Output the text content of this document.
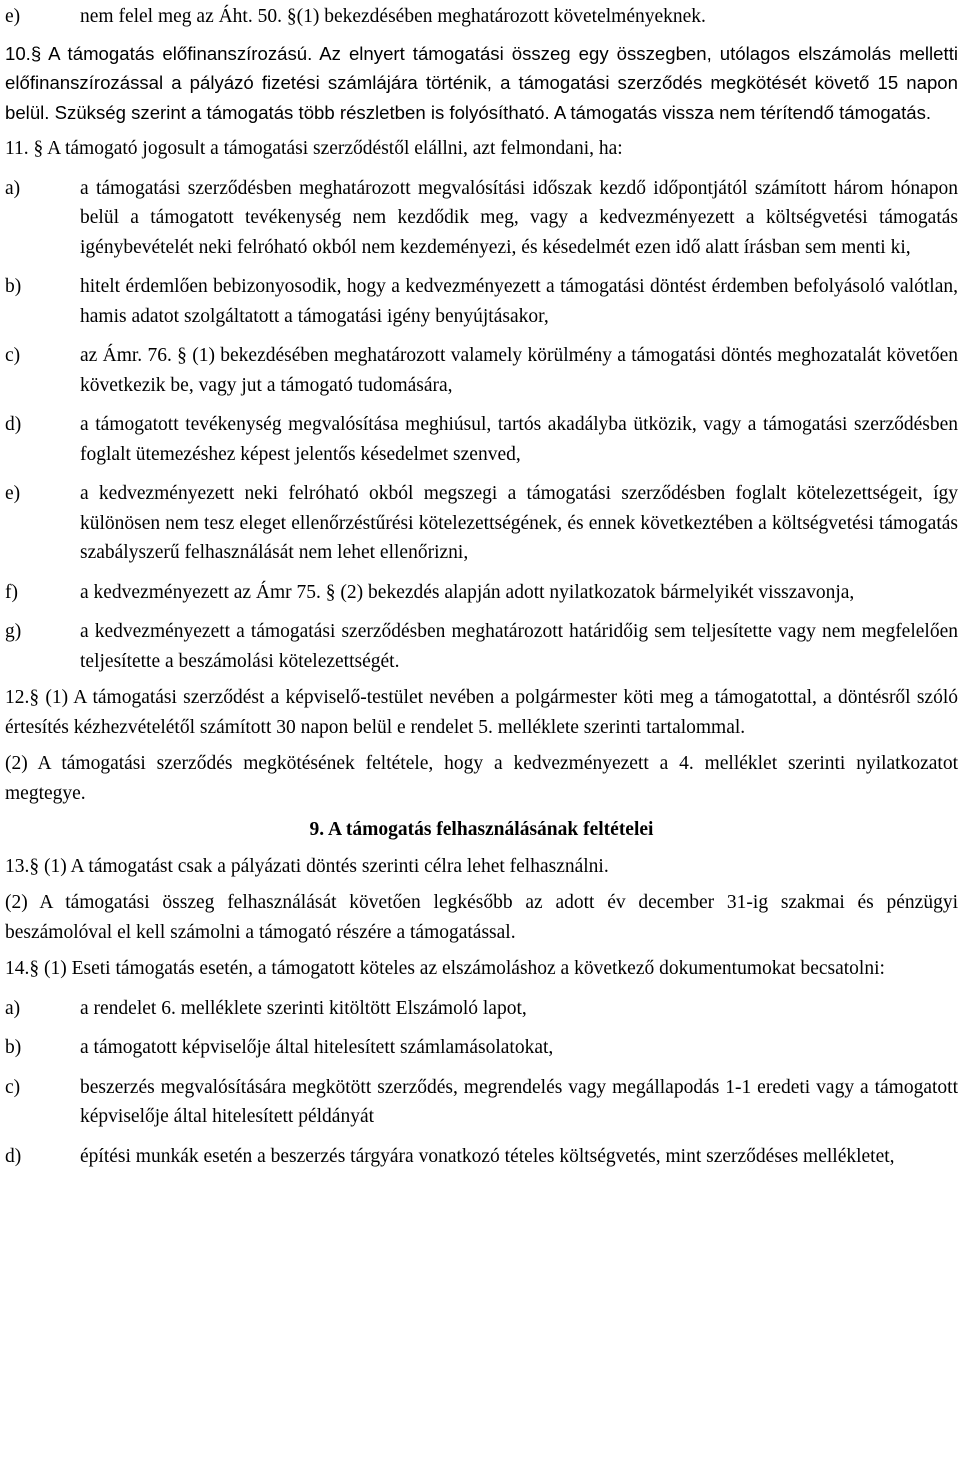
e)	nem felel meg az Áht. 50. §(1) bekezdésében meghatározott követelményeknek.

10.§ A támogatás előfinanszírozású. Az elnyert támogatási összeg egy összegben, utólagos elszámolás melletti előfinanszírozással a pályázó fizetési számlájára történik, a támogatási szerződés megkötését követő 15 napon belül. Szükség szerint a támogatás több részletben is folyósítható. A támogatás vissza nem térítendő támogatás.

11. § A támogató jogosult a támogatási szerződéstől elállni, azt felmondani, ha:

a)	a támogatási szerződésben meghatározott megvalósítási időszak kezdő időpontjától számított három hónapon belül a támogatott tevékenység nem kezdődik meg, vagy a kedvezményezett a költségvetési támogatás igénybevételét neki felróható okból nem kezdeményezi, és késedelmét ezen idő alatt írásban sem menti ki,
b)	hitelt érdemlően bebizonyosodik, hogy a kedvezményezett a támogatási döntést érdemben befolyásoló valótlan, hamis adatot szolgáltatott a támogatási igény benyújtásakor,
c)	az Ámr. 76. § (1) bekezdésében meghatározott valamely körülmény a támogatási döntés meghozatalát követően következik be, vagy jut a támogató tudomására,
d)	a támogatott tevékenység megvalósítása meghiúsul, tartós akadályba ütközik, vagy a támogatási szerződésben foglalt ütemezéshez képest jelentős késedelmet szenved,
e)	a kedvezményezett neki felróható okból megszegi a támogatási szerződésben foglalt kötelezettségeit, így különösen nem tesz eleget ellenőrzéstűrési kötelezettségének, és ennek következtében a költségvetési támogatás szabályszerű felhasználását nem lehet ellenőrizni,
f)	a kedvezményezett az Ámr 75. § (2) bekezdés alapján adott nyilatkozatok bármelyikét visszavonja,
g)	a kedvezményezett a támogatási szerződésben meghatározott határidőig sem teljesítette vagy nem megfelelően teljesítette a beszámolási kötelezettségét.

12.§ (1) A támogatási szerződést a képviselő-testület nevében a polgármester köti meg a támogatottal, a döntésről szóló értesítés kézhezvételétől számított 30 napon belül e rendelet 5. melléklete szerinti tartalommal.

(2) A támogatási szerződés megkötésének feltétele, hogy a kedvezményezett a 4. melléklet szerinti nyilatkozatot megtegye.

9. A támogatás felhasználásának feltételei

13.§ (1) A támogatást csak a pályázati döntés szerinti célra lehet felhasználni.

(2) A támogatási összeg felhasználását követően legkésőbb az adott év december 31-ig szakmai és pénzügyi beszámolóval el kell számolni a támogató részére a támogatással.

14.§ (1) Eseti támogatás esetén, a támogatott köteles az elszámoláshoz a következő dokumentumokat becsatolni:

a)	a rendelet 6. melléklete szerinti kitöltött Elszámoló lapot,
b)	a támogatott képviselője által hitelesített számlamásolatokat,
c)	beszerzés megvalósítására megkötött szerződés, megrendelés vagy megállapodás 1-1 eredeti vagy a támogatott képviselője által hitelesített példányát
d)	építési munkák esetén a beszerzés tárgyára vonatkozó tételes költségvetés, mint szerződéses mellékletet,
